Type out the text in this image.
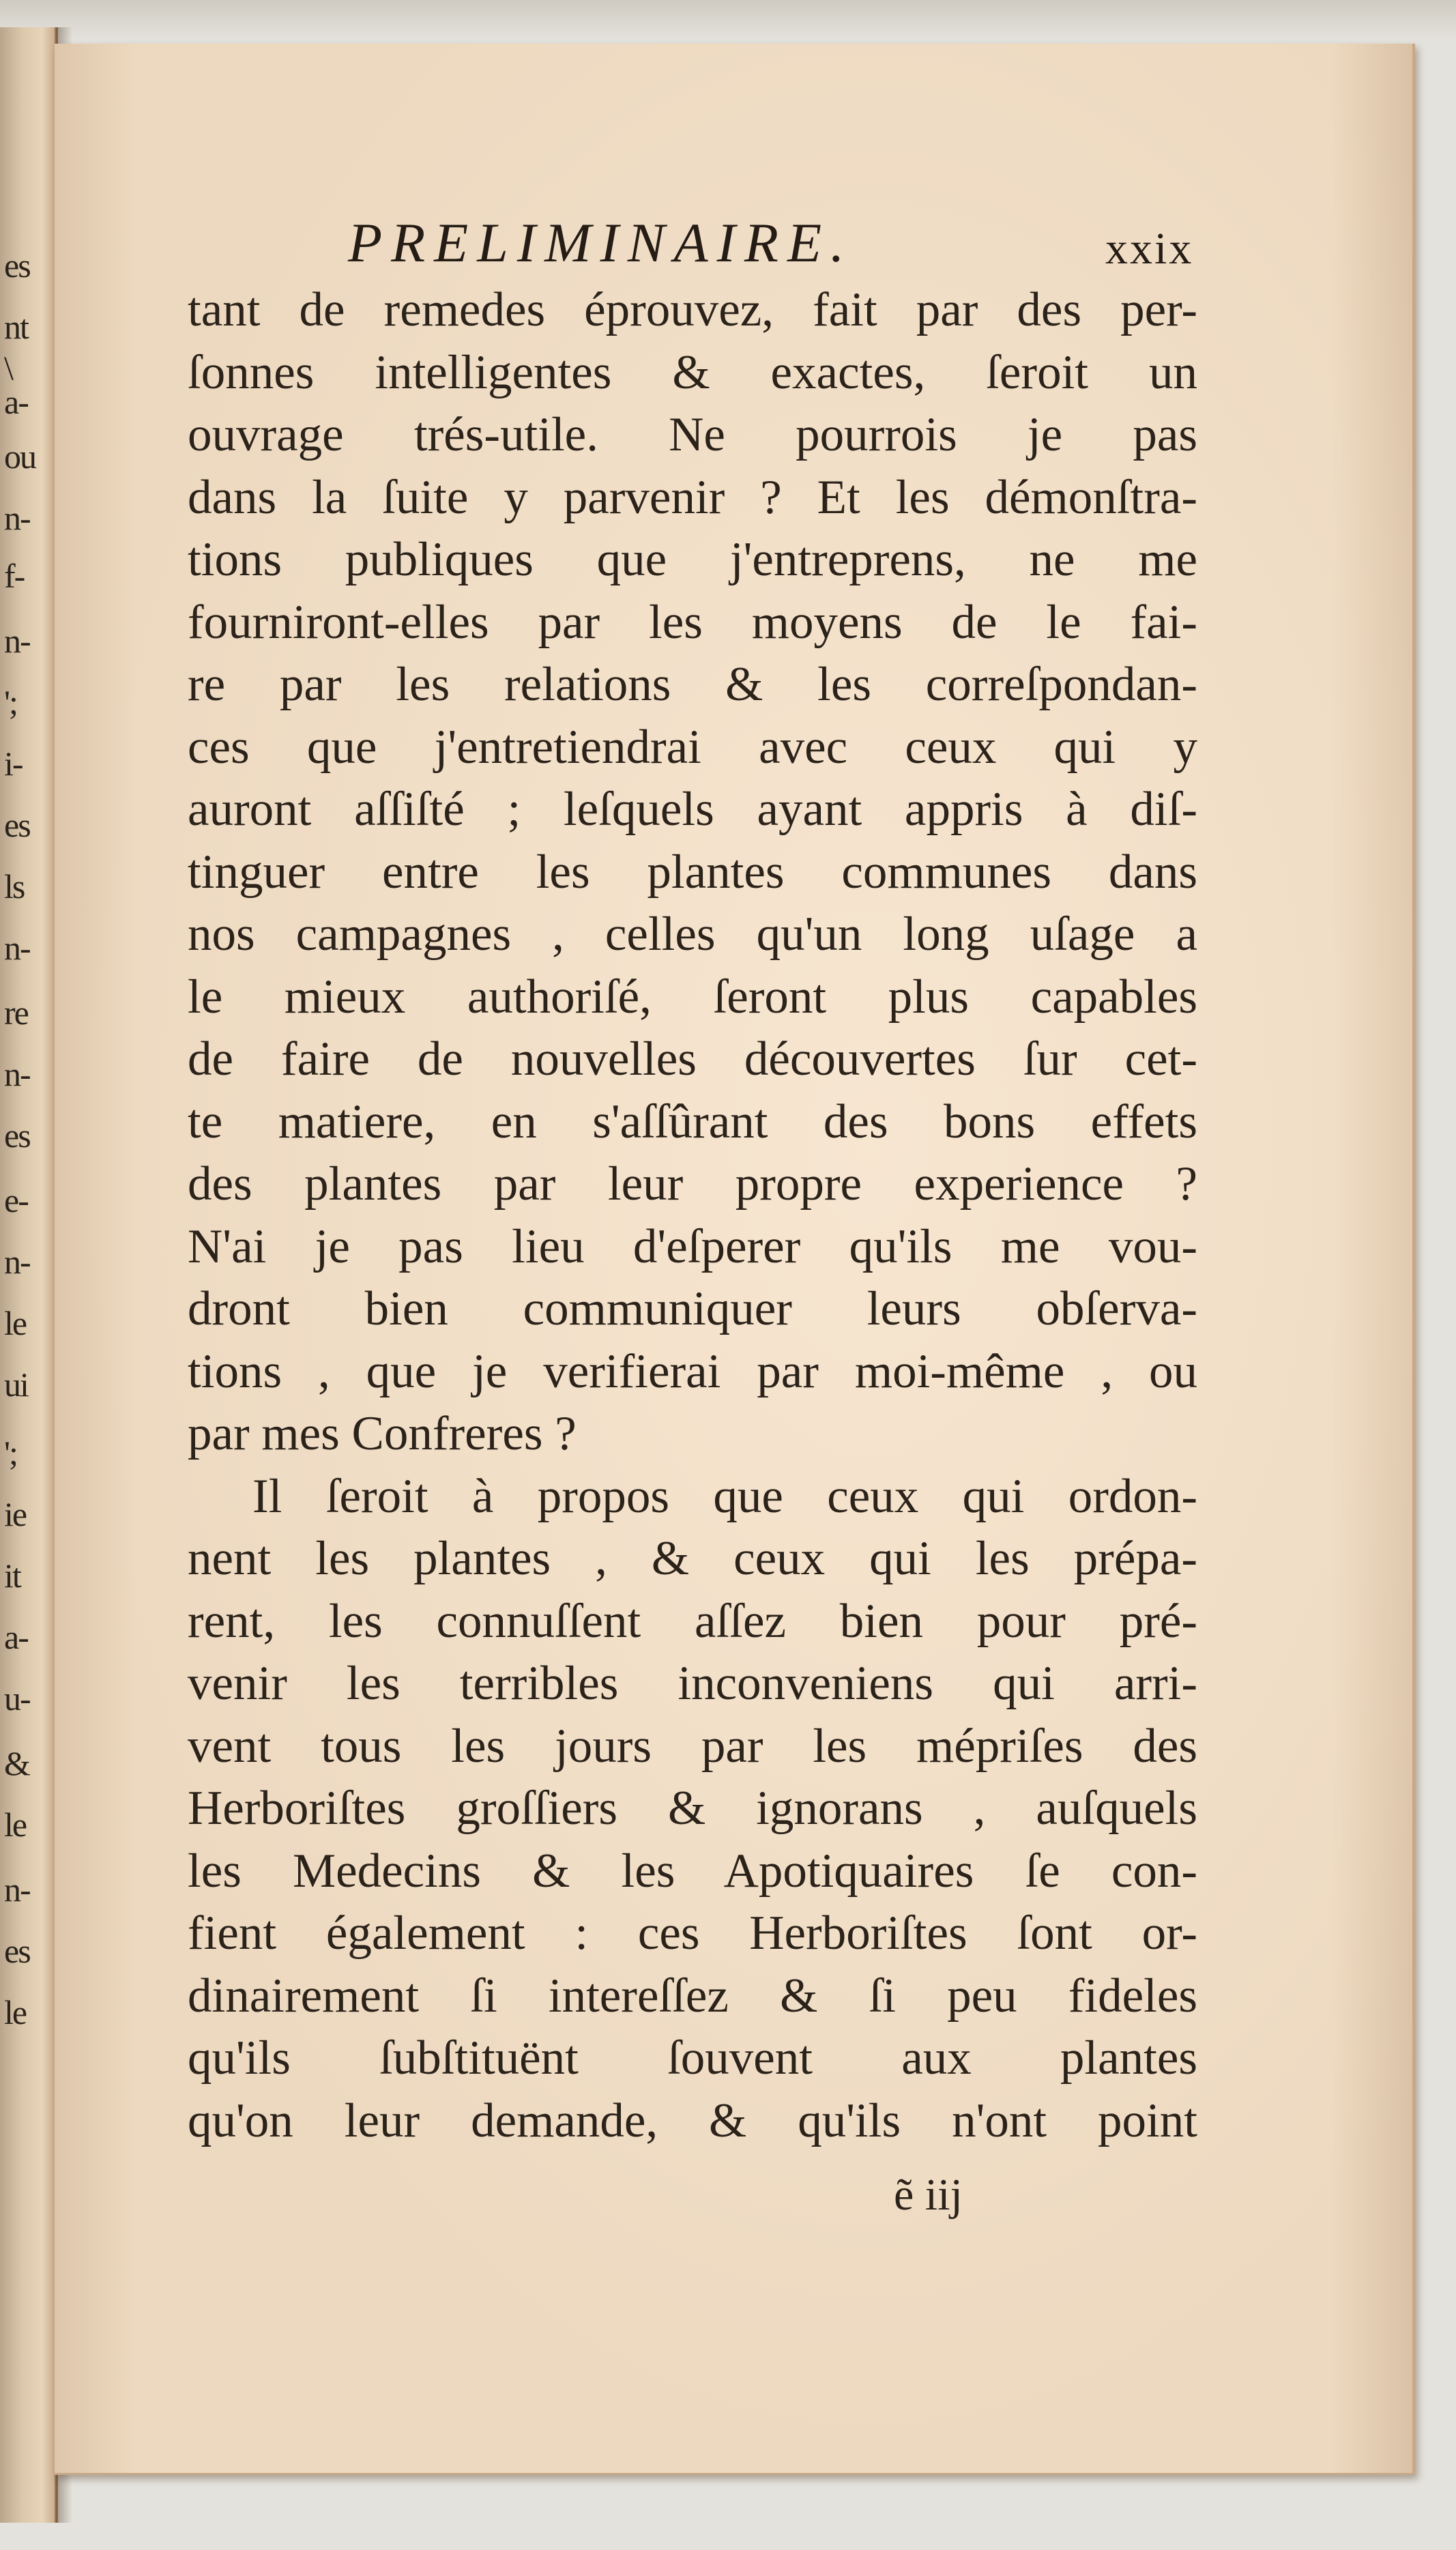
es
nt
\
a-
ou
n-
f-
n-
';
i-
es
ls
n-
re
n-
es
e-
n-
le
ui
';
ie
it
a-
u-
&
le
n-
es
le
PRELIMINAIRE.	xxix
tant de remedes éprouvez, fait par des per-
ſonnes intelligentes & exactes, ſeroit un
ouvrage trés-utile. Ne pourrois je pas
dans la ſuite y parvenir ? Et les démonſtra-
tions publiques que j'entreprens, ne me
fourniront-elles par les moyens de le fai-
re par les relations & les correſpondan-
ces que j'entretiendrai avec ceux qui y
auront aſſiſté ; leſquels ayant appris à diſ-
tinguer entre les plantes communes dans
nos campagnes , celles qu'un long uſage a
le mieux authoriſé, ſeront plus capables
de faire de nouvelles découvertes ſur cet-
te matiere, en s'aſſûrant des bons effets
des plantes par leur propre experience ?
N'ai je pas lieu d'eſperer qu'ils me vou-
dront bien communiquer leurs obſerva-
tions , que je verifierai par moi-même , ou
par mes Confreres ?
Il ſeroit à propos que ceux qui ordon-
nent les plantes , & ceux qui les prépa-
rent, les connuſſent aſſez bien pour pré-
venir les terribles inconveniens qui arri-
vent tous les jours par les mépriſes des
Herboriſtes groſſiers & ignorans , auſquels
les Medecins & les Apotiquaires ſe con-
fient également : ces Herboriſtes ſont or-
dinairement ſi intereſſez & ſi peu fideles
qu'ils ſubſtituënt ſouvent aux plantes
qu'on leur demande, & qu'ils n'ont point
ẽ iij
